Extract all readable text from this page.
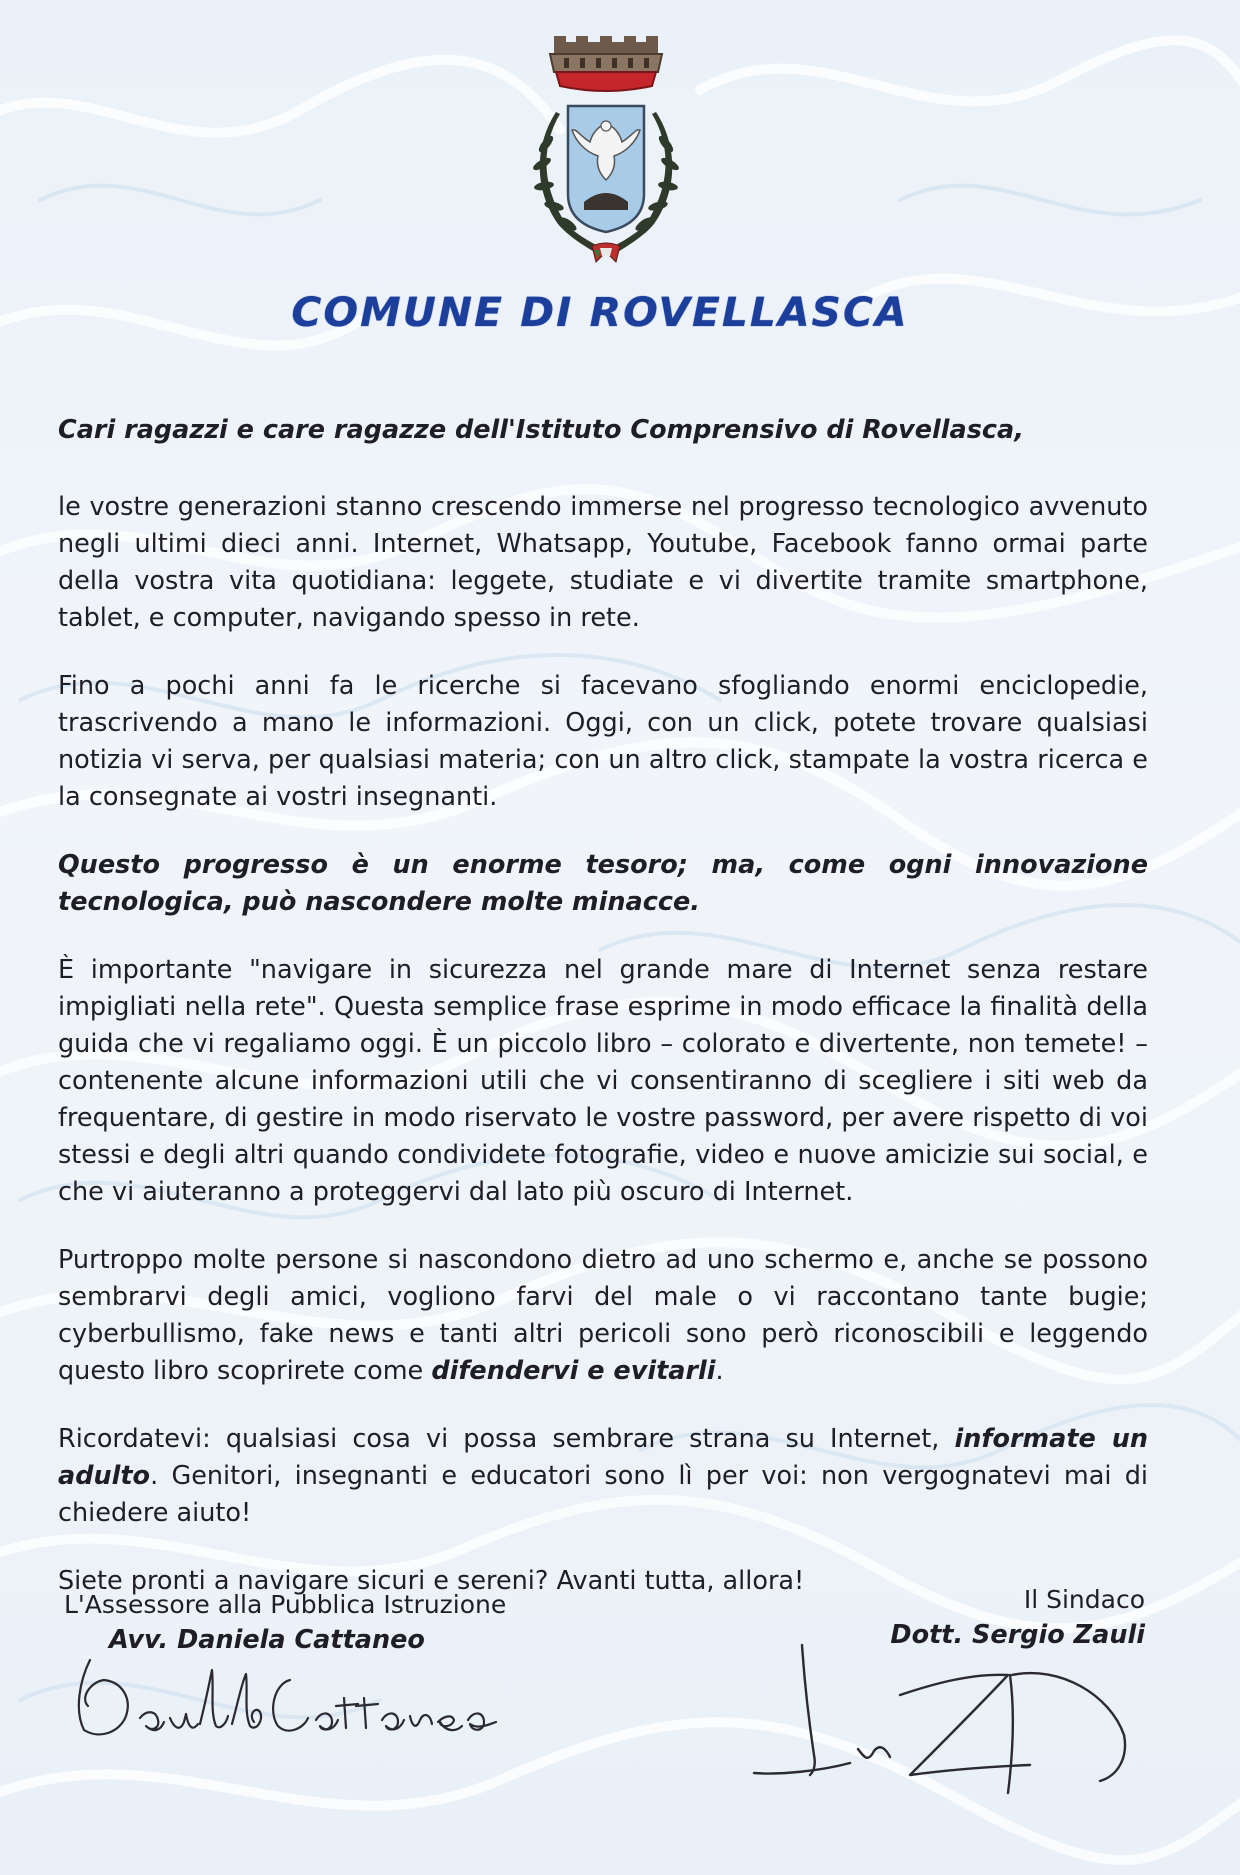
COMUNE DI ROVELLASCA

Cari ragazzi e care ragazze dell'Istituto Comprensivo di Rovellasca,

le vostre generazioni stanno crescendo immerse nel progresso tecnologico avvenuto negli ultimi dieci anni. Internet, Whatsapp, Youtube, Facebook fanno ormai parte della vostra vita quotidiana: leggete, studiate e vi divertite tramite smartphone, tablet, e computer, navigando spesso in rete.

Fino a pochi anni fa le ricerche si facevano sfogliando enormi enciclopedie, trascrivendo a mano le informazioni. Oggi, con un click, potete trovare qualsiasi notizia vi serva, per qualsiasi materia; con un altro click, stampate la vostra ricerca e la consegnate ai vostri insegnanti.

Questo progresso è un enorme tesoro; ma, come ogni innovazione tecnologica, può nascondere molte minacce.

È importante "navigare in sicurezza nel grande mare di Internet senza restare impigliati nella rete". Questa semplice frase esprime in modo efficace la finalità della guida che vi regaliamo oggi. È un piccolo libro – colorato e divertente, non temete! – contenente alcune informazioni utili che vi consentiranno di scegliere i siti web da frequentare, di gestire in modo riservato le vostre password, per avere rispetto di voi stessi e degli altri quando condividete fotografie, video e nuove amicizie sui social, e che vi aiuteranno a proteggervi dal lato più oscuro di Internet.

Purtroppo molte persone si nascondono dietro ad uno schermo e, anche se possono sembrarvi degli amici, vogliono farvi del male o vi raccontano tante bugie; cyberbullismo, fake news e tanti altri pericoli sono però riconoscibili e leggendo questo libro scoprirete come difendervi e evitarli.

Ricordatevi: qualsiasi cosa vi possa sembrare strana su Internet, informate un adulto. Genitori, insegnanti e educatori sono lì per voi: non vergognatevi mai di chiedere aiuto!

Siete pronti a navigare sicuri e sereni? Avanti tutta, allora!

L'Assessore alla Pubblica Istruzione
Avv. Daniela Cattaneo
Il Sindaco
Dott. Sergio Zauli
